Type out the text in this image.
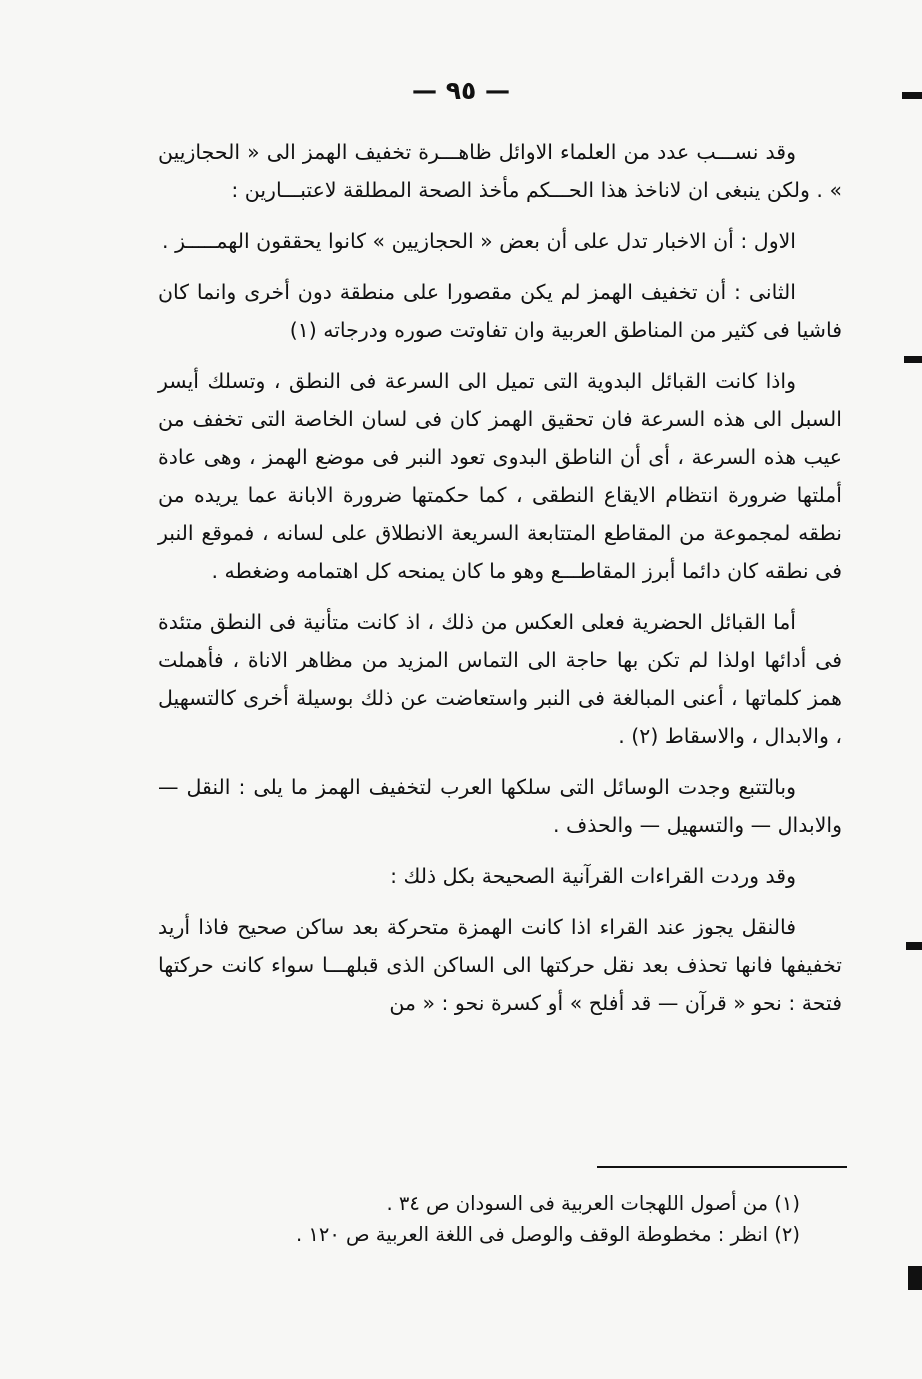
— ٩٥ —

وقد نســـب عدد من العلماء الاوائل ظاهـــرة تخفيف الهمز الى « الحجازيين » . ولكن ينبغى ان لاناخذ هذا الحـــكم مأخذ الصحة المطلقة لاعتبـــارين :

الاول : أن الاخبار تدل على أن بعض « الحجازيين » كانوا يحققون الهمـــــز .

الثانى : أن تخفيف الهمز لم يكن مقصورا على منطقة دون أخرى وانما كان فاشيا فى كثير من المناطق العربية وان تفاوتت صوره ودرجاته (١)

واذا كانت القبائل البدوية التى تميل الى السرعة فى النطق ، وتسلك أيسر السبل الى هذه السرعة فان تحقيق الهمز كان فى لسان الخاصة التى تخفف من عيب هذه السرعة ، أى أن الناطق البدوى تعود النبر فى موضع الهمز ، وهى عادة أملتها ضرورة انتظام الايقاع النطقى ، كما حكمتها ضرورة الابانة عما يريده من نطقه لمجموعة من المقاطع المتتابعة السريعة الانطلاق على لسانه ، فموقع النبر فى نطقه كان دائما أبرز المقاطـــع وهو ما كان يمنحه كل اهتمامه وضغطه .

أما القبائل الحضرية فعلى العكس من ذلك ، اذ كانت متأنية فى النطق متئدة فى أدائها اولذا لم تكن بها حاجة الى التماس المزيد من مظاهر الاناة ، فأهملت همز كلماتها ، أعنى المبالغة فى النبر واستعاضت عن ذلك بوسيلة أخرى كالتسهيل ، والابدال ، والاسقاط (٢) .

وبالتتبع وجدت الوسائل التى سلكها العرب لتخفيف الهمز ما يلى : النقل — والابدال — والتسهيل — والحذف .

وقد وردت القراءات القرآنية الصحيحة بكل ذلك :

فالنقل يجوز عند القراء اذا كانت الهمزة متحركة بعد ساكن صحيح فاذا أريد تخفيفها فانها تحذف بعد نقل حركتها الى الساكن الذى قبلهـــا سواء كانت حركتها فتحة : نحو « قرآن — قد أفلح » أو كسرة نحو : « من

(١) من أصول اللهجات العربية فى السودان ص ٣٤ .

(٢) انظر : مخطوطة الوقف والوصل فى اللغة العربية ص ١٢٠ .
